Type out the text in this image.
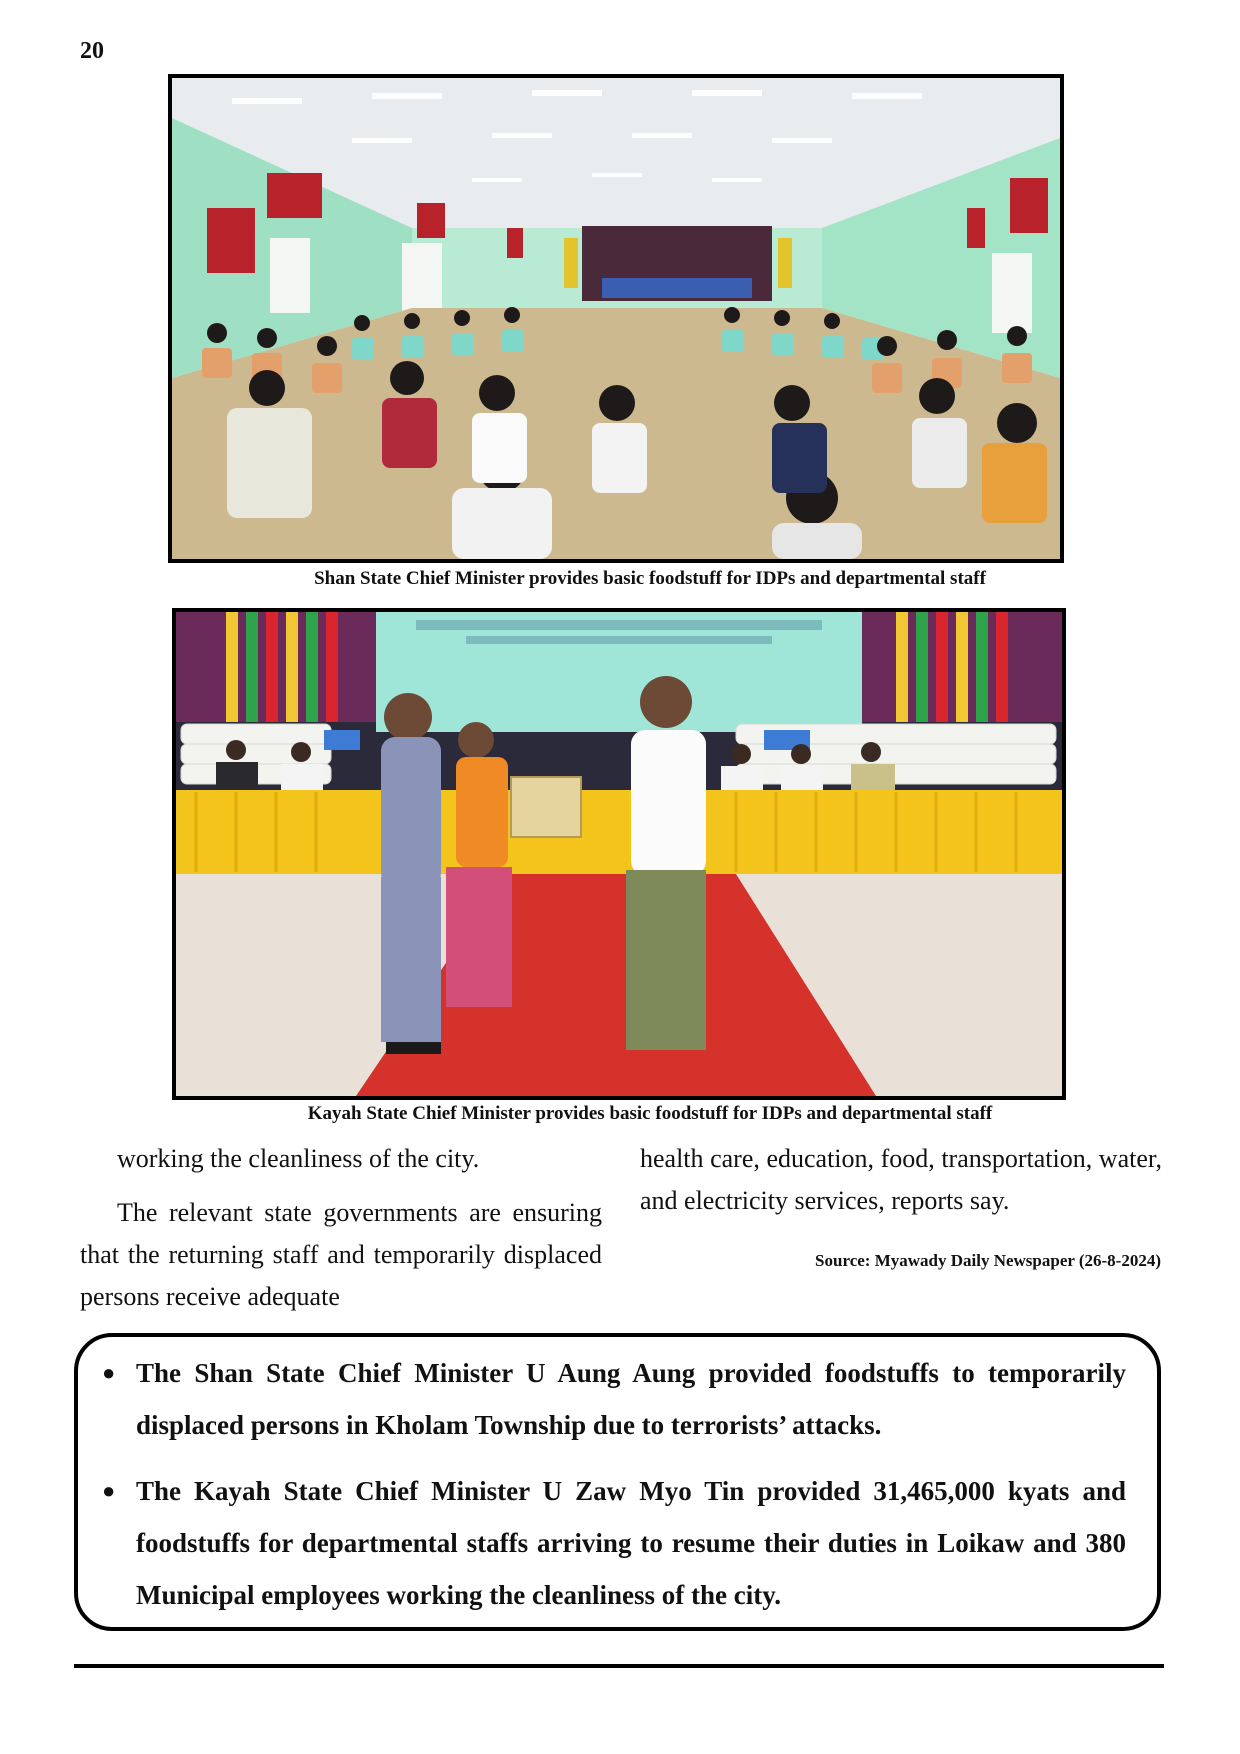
20
Shan State Chief Minister provides basic foodstuff for IDPs and departmental staff
Kayah State Chief Minister provides basic foodstuff for IDPs and departmental staff

working the cleanliness of the city.

The relevant state governments are ensuring that the returning staff and temporarily displaced persons receive adequate

health care, education, food, transportation, water, and electricity services, reports say.

Source: Myawady Daily Newspaper (26-8-2024)
● The Shan State Chief Minister U Aung Aung provided foodstuffs to temporarily displaced persons in Kholam Township due to terrorists’ attacks.
● The Kayah State Chief Minister U Zaw Myo Tin provided 31,465,000 kyats and foodstuffs for departmental staffs arriving to resume their duties in Loikaw and 380 Municipal employees working the cleanliness of the city.
